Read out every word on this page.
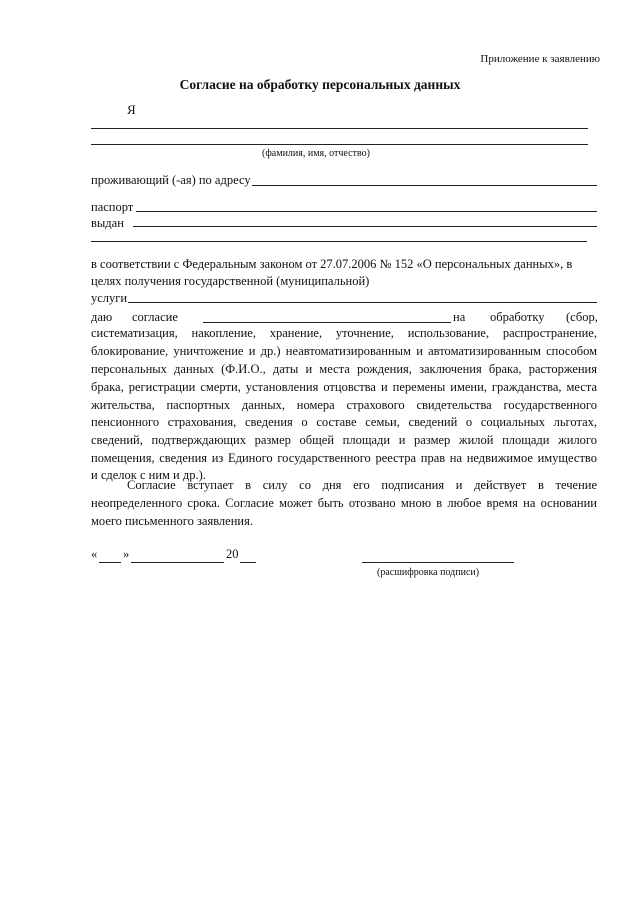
Приложение к заявлению
Согласие на обработку персональных данных
Я
(фамилия, имя, отчество)
проживающий (-ая) по адресу
паспорт
выдан
в соответствии с Федеральным законом от 27.07.2006 № 152 «О персональных данных», в
целях получения государственной (муниципальной)
услуги
даю согласие	на обработку (сбор,
систематизация, накопление, хранение, уточнение, использование, распространение,
блокирование, уничтожение и др.) неавтоматизированным и автоматизированным способом
персональных данных (Ф.И.О., даты и места рождения, заключения брака, расторжения
брака, регистрации смерти, установления отцовства и перемены имени, гражданства, места
жительства, паспортных данных, номера страхового свидетельства государственного
пенсионного страхования, сведения о составе семьи, сведений о социальных льготах,
сведений, подтверждающих размер общей площади и размер жилой площади жилого
помещения, сведения из Единого государственного реестра прав на недвижимое имущество
и сделок с ним и др.).
Согласие вступает в силу со дня его подписания и действует в течение
неопределенного срока. Согласие может быть отозвано мною в любое время на основании
моего письменного заявления.
« »	20
(расшифровка подписи)
